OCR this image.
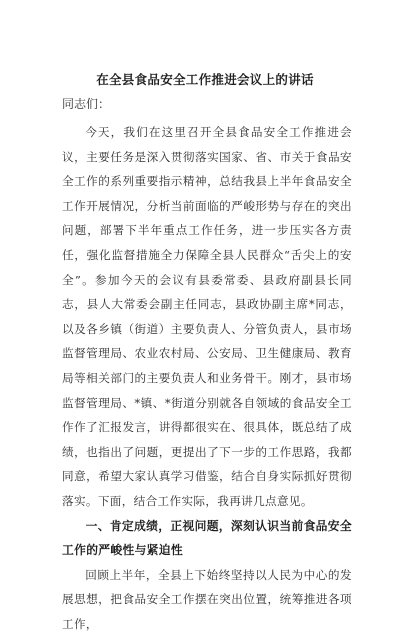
在全县食品安全工作推进会议上的讲话
同志们：

今天，我们在这里召开全县食品安全工作推进会议，主要任务是深入贯彻落实国家、省、市关于食品安全工作的系列重要指示精神，总结我县上半年食品安全工作开展情况，分析当前面临的严峻形势与存在的突出问题，部署下半年重点工作任务，进一步压实各方责任，强化监督措施全力保障全县人民群众“舌尖上的安全”。参加今天的会议有县委常委、县政府副县长同志，县人大常委会副主任同志，县政协副主席*同志，以及各乡镇（街道）主要负责人、分管负责人，县市场监督管理局、农业农村局、公安局、卫生健康局、教育局等相关部门的主要负责人和业务骨干。刚才，县市场监督管理局、*镇、*街道分别就各自领域的食品安全工作作了汇报发言，讲得都很实在、很具体，既总结了成绩，也指出了问题，更提出了下一步的工作思路，我都同意，希望大家认真学习借鉴，结合自身实际抓好贯彻落实。下面，结合工作实际，我再讲几点意见。

一、肯定成绩，正视问题，深刻认识当前食品安全工作的严峻性与紧迫性

回顾上半年，全县上下始终坚持以人民为中心的发展思想，把食品安全工作摆在突出位置，统筹推进各项工作，
